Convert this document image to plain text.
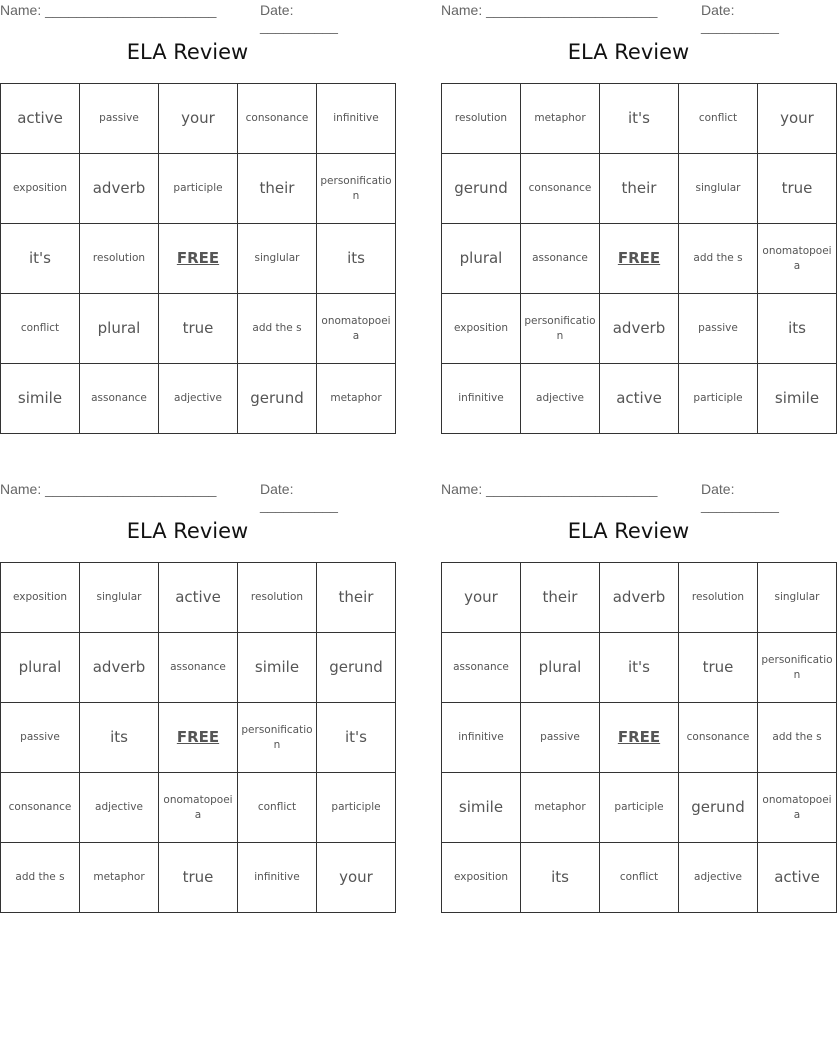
Name: ______________________	Date: __________
ELA Review
active	passive	your	consonance	infinitive
exposition	adverb	participle	their	personification
it's	resolution	FREE	singlular	its
conflict	plural	true	add the s	onomatopoeia
simile	assonance	adjective	gerund	metaphor
Name: ______________________	Date: __________
ELA Review
resolution	metaphor	it's	conflict	your
gerund	consonance	their	singlular	true
plural	assonance	FREE	add the s	onomatopoeia
exposition	personification	adverb	passive	its
infinitive	adjective	active	participle	simile
Name: ______________________	Date: __________
ELA Review
exposition	singlular	active	resolution	their
plural	adverb	assonance	simile	gerund
passive	its	FREE	personification	it's
consonance	adjective	onomatopoeia	conflict	participle
add the s	metaphor	true	infinitive	your
Name: ______________________	Date: __________
ELA Review
your	their	adverb	resolution	singlular
assonance	plural	it's	true	personification
infinitive	passive	FREE	consonance	add the s
simile	metaphor	participle	gerund	onomatopoeia
exposition	its	conflict	adjective	active
